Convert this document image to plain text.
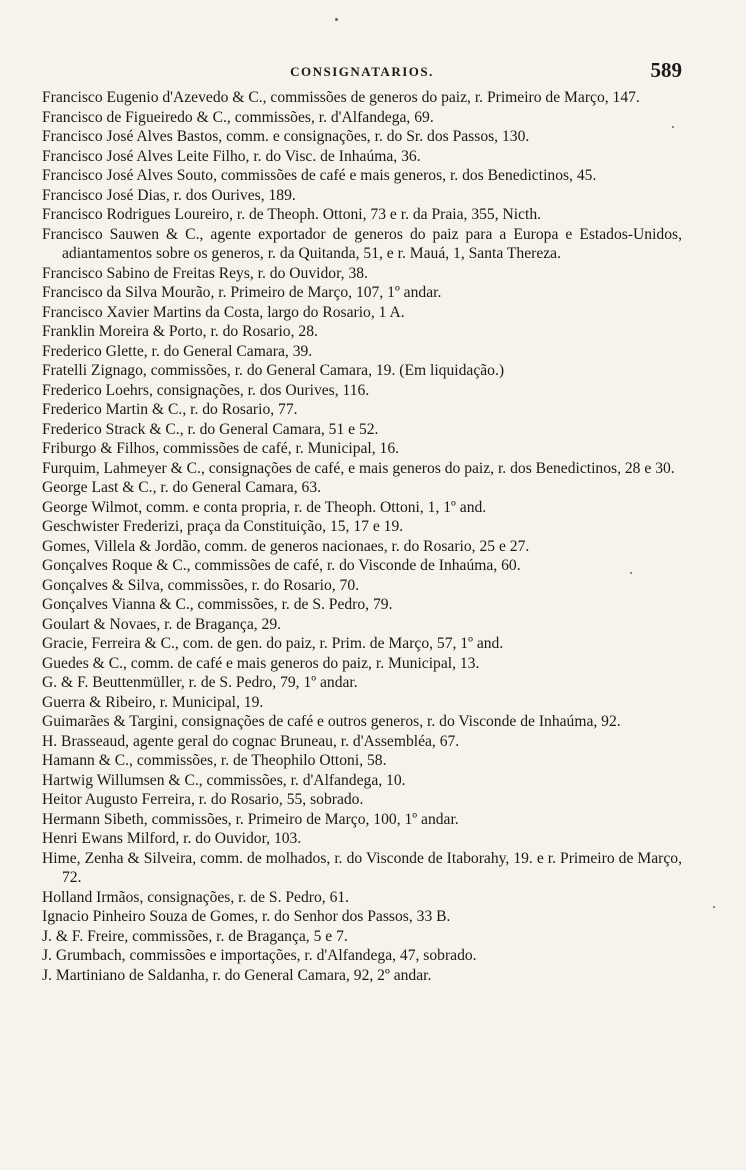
CONSIGNATARIOS.	589
Francisco Eugenio d'Azevedo & C., commissões de generos do paiz, r. Primeiro de Março, 147.
Francisco de Figueiredo & C., commissões, r. d'Alfandega, 69.
Francisco José Alves Bastos, comm. e consignações, r. do Sr. dos Passos, 130.
Francisco José Alves Leite Filho, r. do Visc. de Inhaúma, 36.
Francisco José Alves Souto, commissões de café e mais generos, r. dos Benedictinos, 45.
Francisco José Dias, r. dos Ourives, 189.
Francisco Rodrigues Loureiro, r. de Theoph. Ottoni, 73 e r. da Praia, 355, Nicth.
Francisco Sauwen & C., agente exportador de generos do paiz para a Europa e Estados-Unidos, adiantamentos sobre os generos, r. da Quitanda, 51, e r. Mauá, 1, Santa Thereza.
Francisco Sabino de Freitas Reys, r. do Ouvidor, 38.
Francisco da Silva Mourão, r. Primeiro de Março, 107, 1º andar.
Francisco Xavier Martins da Costa, largo do Rosario, 1 A.
Franklin Moreira & Porto, r. do Rosario, 28.
Frederico Glette, r. do General Camara, 39.
Fratelli Zignago, commissões, r. do General Camara, 19. (Em liquidação.)
Frederico Loehrs, consignações, r. dos Ourives, 116.
Frederico Martin & C., r. do Rosario, 77.
Frederico Strack & C., r. do General Camara, 51 e 52.
Friburgo & Filhos, commissões de café, r. Municipal, 16.
Furquim, Lahmeyer & C., consignações de café, e mais generos do paiz, r. dos Benedictinos, 28 e 30.
George Last & C., r. do General Camara, 63.
George Wilmot, comm. e conta propria, r. de Theoph. Ottoni, 1, 1º and.
Geschwister Frederizi, praça da Constituição, 15, 17 e 19.
Gomes, Villela & Jordão, comm. de generos nacionaes, r. do Rosario, 25 e 27.
Gonçalves Roque & C., commissões de café, r. do Visconde de Inhaúma, 60.
Gonçalves & Silva, commissões, r. do Rosario, 70.
Gonçalves Vianna & C., commissões, r. de S. Pedro, 79.
Goulart & Novaes, r. de Bragança, 29.
Gracie, Ferreira & C., com. de gen. do paiz, r. Prim. de Março, 57, 1º and.
Guedes & C., comm. de café e mais generos do paiz, r. Municipal, 13.
G. & F. Beuttenmüller, r. de S. Pedro, 79, 1º andar.
Guerra & Ribeiro, r. Municipal, 19.
Guimarães & Targini, consignações de café e outros generos, r. do Visconde de Inhaúma, 92.
H. Brasseaud, agente geral do cognac Bruneau, r. d'Assembléa, 67.
Hamann & C., commissões, r. de Theophilo Ottoni, 58.
Hartwig Willumsen & C., commissões, r. d'Alfandega, 10.
Heitor Augusto Ferreira, r. do Rosario, 55, sobrado.
Hermann Sibeth, commissões, r. Primeiro de Março, 100, 1º andar.
Henri Ewans Milford, r. do Ouvidor, 103.
Hime, Zenha & Silveira, comm. de molhados, r. do Visconde de Itaborahy, 19. e r. Primeiro de Março, 72.
Holland Irmãos, consignações, r. de S. Pedro, 61.
Ignacio Pinheiro Souza de Gomes, r. do Senhor dos Passos, 33 B.
J. & F. Freire, commissões, r. de Bragança, 5 e 7.
J. Grumbach, commissões e importações, r. d'Alfandega, 47, sobrado.
J. Martiniano de Saldanha, r. do General Camara, 92, 2º andar.
